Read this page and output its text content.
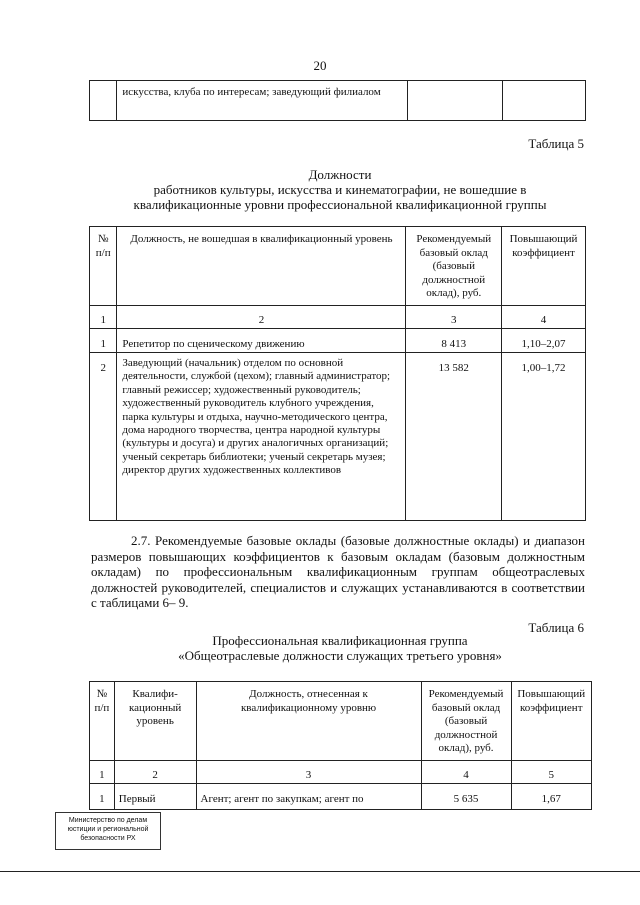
20

искусства, клуба по интересам; заведующий филиалом

Таблица 5
Должности
работников культуры, искусства и кинематографии, не вошедшие в
квалификационные уровни профессиональной квалификационной группы
№ п/п	Должность, не вошедшая в квалификационный уровень	Рекомендуемый базовый оклад (базовый должностной оклад), руб.	Повышающий коэффициент

1	2	3	4
1	Репетитор по сценическому движению	8 413	1,10–2,07
2	Заведующий (начальник) отделом по основной деятельности, службой (цехом); главный администратор; главный режиссер; художественный руководитель; художественный руководитель клубного учреждения, парка культуры и отдыха, научно-методического центра, дома народного творчества, центра народной культуры (культуры и досуга) и других аналогичных организаций; ученый секретарь библиотеки; ученый секретарь музея; директор других художественных коллективов	13 582	1,00–1,72
2.7. Рекомендуемые базовые оклады (базовые должностные оклады) и диапазон размеров повышающих коэффициентов к базовым окладам (базовым должностным окладам) по профессиональным квалификационным группам общеотраслевых должностей руководителей, специалистов и служащих устанавливаются в соответствии с таблицами 6– 9.
Таблица 6
Профессиональная квалификационная группа
«Общеотраслевые должности служащих третьего уровня»
№ п/п	Квалифи-кационный уровень	Должность, отнесенная к квалификационному уровню	Рекомендуемый базовый оклад (базовый должностной оклад), руб.	Повышающий коэффициент

1	2	3	4	5
1	Первый	Агент; агент по закупкам; агент по	5 635	1,67
Министерство по делам
юстиции и региональной
безопасности РХ
